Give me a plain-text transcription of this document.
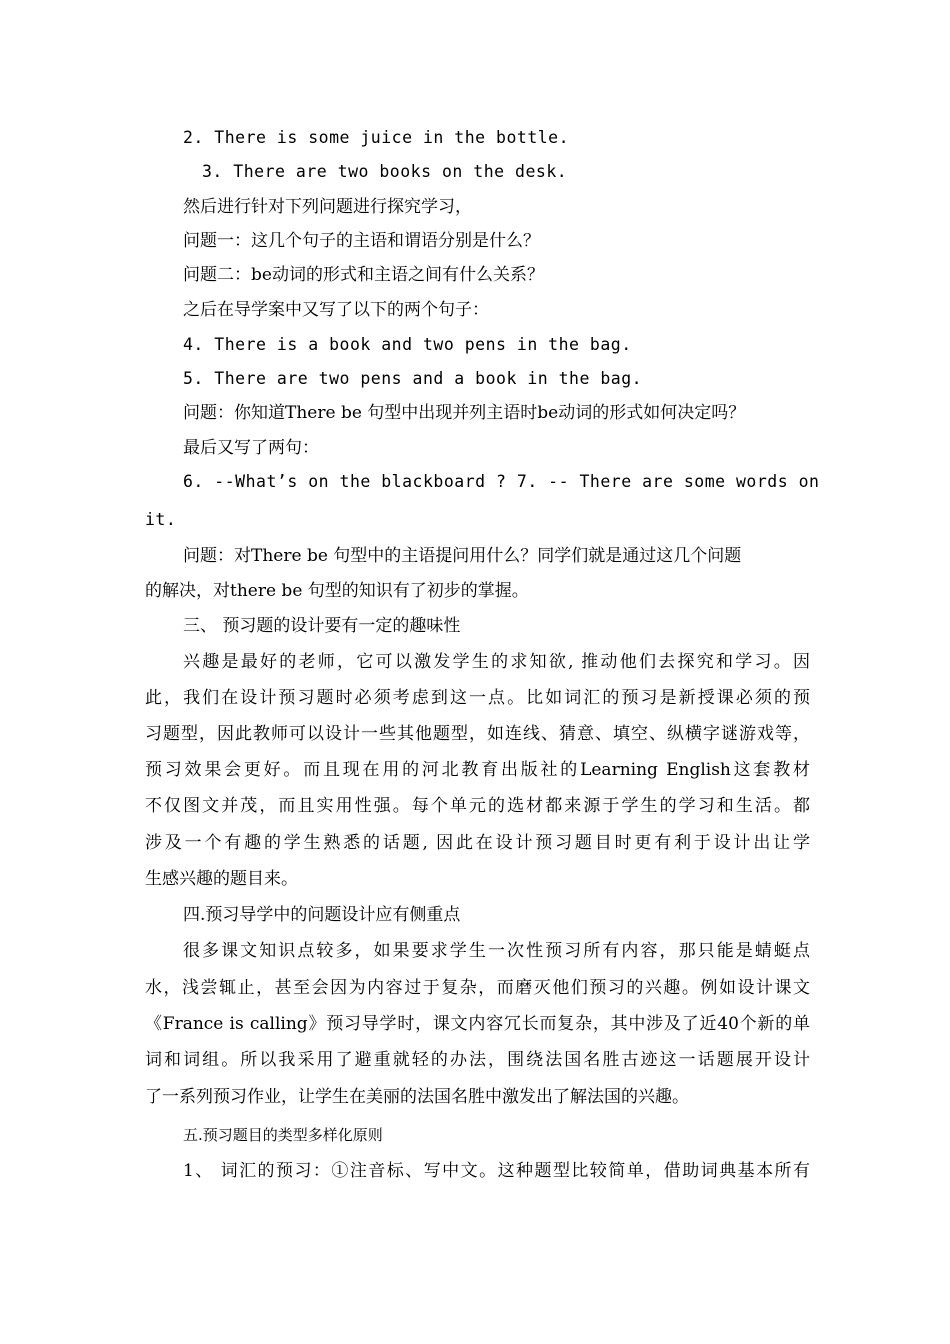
2. There is some juice in the bottle.
3. There are two books on the desk.
然后进行针对下列问题进行探究学习，
问题一：这几个句子的主语和谓语分别是什么？
问题二：be动词的形式和主语之间有什么关系？
之后在导学案中又写了以下的两个句子：
4. There is a book and two pens in the bag.
5. There are two pens and a book in the bag.
问题：你知道There be 句型中出现并列主语时be动词的形式如何决定吗？
最后又写了两句：
6. --What’s on the blackboard ? 7. -- There are some words on
it.
问题：对There be 句型中的主语提问用什么？同学们就是通过这几个问题
的解决，对there be 句型的知识有了初步的掌握。
三、 预习题的设计要有一定的趣味性
兴趣是最好的老师，它可以激发学生的求知欲, 推动他们去探究和学习。因
此，我们在设计预习题时必须考虑到这一点。比如词汇的预习是新授课必须的预
习题型，因此教师可以设计一些其他题型，如连线、猜意、填空、纵横字谜游戏等，
预习效果会更好。而且现在用的河北教育出版社的Learning English这套教材
不仅图文并茂，而且实用性强。每个单元的选材都来源于学生的学习和生活。都
涉及一个有趣的学生熟悉的话题, 因此在设计预习题目时更有利于设计出让学
生感兴趣的题目来。
四.预习导学中的问题设计应有侧重点
很多课文知识点较多，如果要求学生一次性预习所有内容，那只能是蜻蜓点
水，浅尝辄止，甚至会因为内容过于复杂，而磨灭他们预习的兴趣。例如设计课文
《France is calling》预习导学时，课文内容冗长而复杂，其中涉及了近40个新的单
词和词组。所以我采用了避重就轻的办法，围绕法国名胜古迹这一话题展开设计
了一系列预习作业，让学生在美丽的法国名胜中激发出了解法国的兴趣。
五.预习题目的类型多样化原则
1、 词汇的预习：①注音标、写中文。这种题型比较简单，借助词典基本所有
